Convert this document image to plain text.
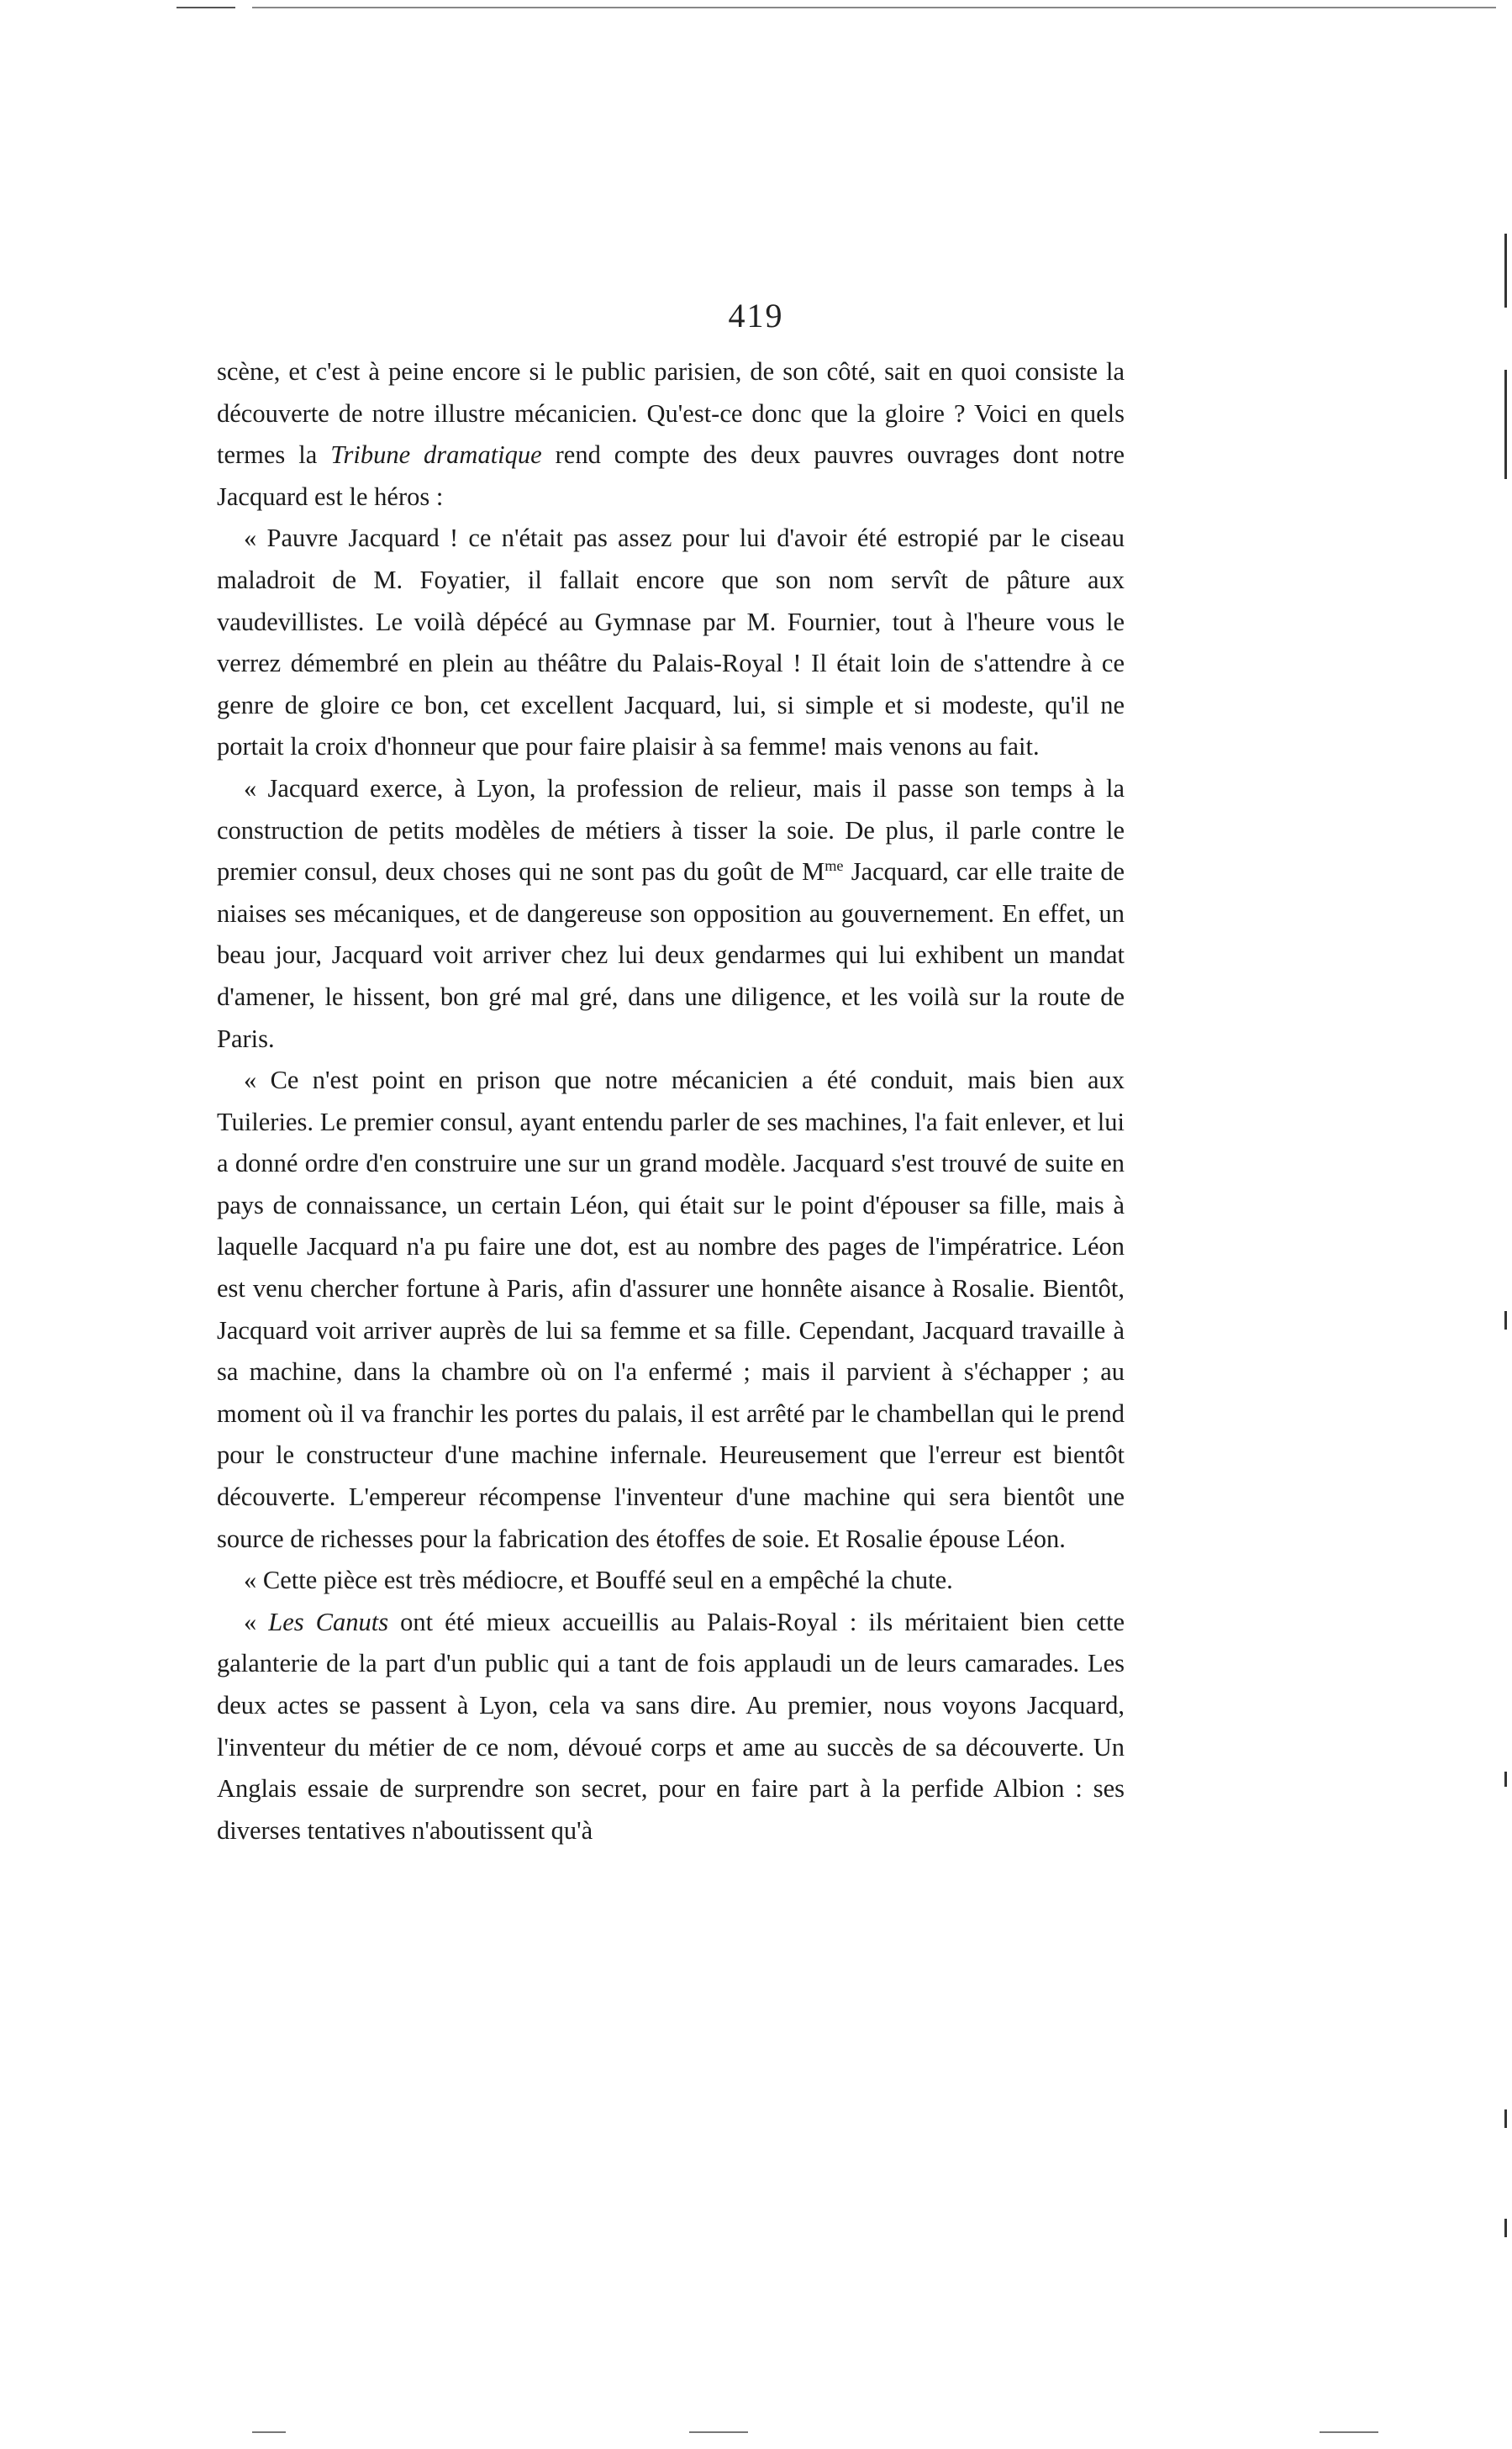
419

scène, et c'est à peine encore si le public parisien, de son côté, sait en quoi consiste la découverte de notre illustre mécanicien. Qu'est-ce donc que la gloire ? Voici en quels termes la Tribune dramatique rend compte des deux pauvres ouvrages dont notre Jacquard est le héros :

« Pauvre Jacquard ! ce n'était pas assez pour lui d'avoir été estropié par le ciseau maladroit de M. Foyatier, il fallait encore que son nom servît de pâture aux vaudevillistes. Le voilà dépécé au Gymnase par M. Fournier, tout à l'heure vous le verrez démembré en plein au théâtre du Palais-Royal ! Il était loin de s'attendre à ce genre de gloire ce bon, cet excellent Jacquard, lui, si simple et si modeste, qu'il ne portait la croix d'honneur que pour faire plaisir à sa femme! mais venons au fait.

« Jacquard exerce, à Lyon, la profession de relieur, mais il passe son temps à la construction de petits modèles de métiers à tisser la soie. De plus, il parle contre le premier consul, deux choses qui ne sont pas du goût de $M^{me}$ Jacquard, car elle traite de niaises ses mécaniques, et de dangereuse son opposition au gouvernement. En effet, un beau jour, Jacquard voit arriver chez lui deux gendarmes qui lui exhibent un mandat d'amener, le hissent, bon gré mal gré, dans une diligence, et les voilà sur la route de Paris.

« Ce n'est point en prison que notre mécanicien a été conduit, mais bien aux Tuileries. Le premier consul, ayant entendu parler de ses machines, l'a fait enlever, et lui a donné ordre d'en construire une sur un grand modèle. Jacquard s'est trouvé de suite en pays de connaissance, un certain Léon, qui était sur le point d'épouser sa fille, mais à laquelle Jacquard n'a pu faire une dot, est au nombre des pages de l'impératrice. Léon est venu chercher fortune à Paris, afin d'assurer une honnête aisance à Rosalie. Bientôt, Jacquard voit arriver auprès de lui sa femme et sa fille. Cependant, Jacquard travaille à sa machine, dans la chambre où on l'a enfermé ; mais il parvient à s'échapper ; au moment où il va franchir les portes du palais, il est arrêté par le chambellan qui le prend pour le constructeur d'une machine infernale. Heureusement que l'erreur est bientôt découverte. L'empereur récompense l'inventeur d'une machine qui sera bientôt une source de richesses pour la fabrication des étoffes de soie. Et Rosalie épouse Léon.

« Cette pièce est très médiocre, et Bouffé seul en a empêché la chute.

« Les Canuts ont été mieux accueillis au Palais-Royal : ils méritaient bien cette galanterie de la part d'un public qui a tant de fois applaudi un de leurs camarades. Les deux actes se passent à Lyon, cela va sans dire. Au premier, nous voyons Jacquard, l'inventeur du métier de ce nom, dévoué corps et ame au succès de sa découverte. Un Anglais essaie de surprendre son secret, pour en faire part à la perfide Albion : ses diverses tentatives n'aboutissent qu'à
